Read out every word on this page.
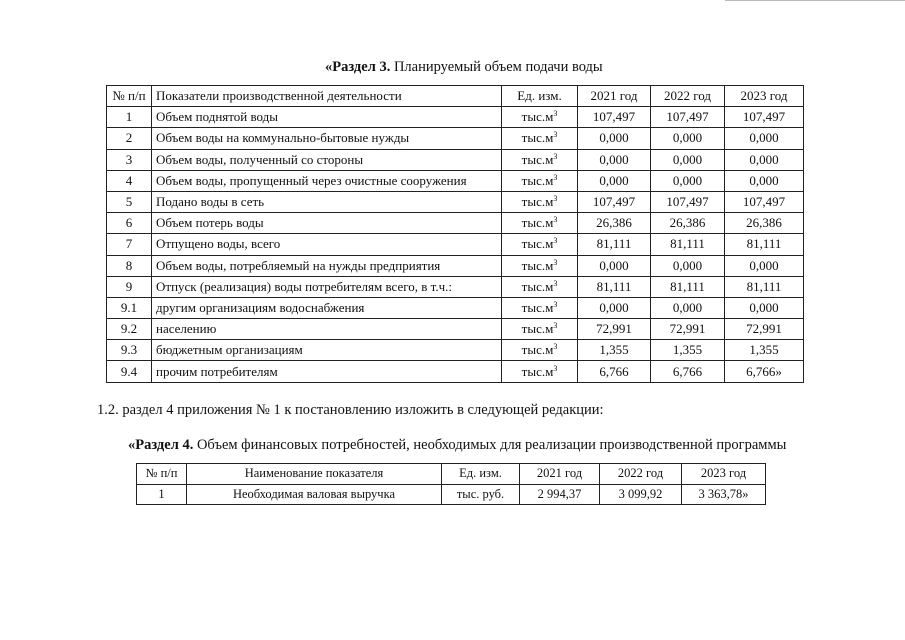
«Раздел 3. Планируемый объем подачи воды
№ п/п	Показатели производственной деятельности	Ед. изм.	2021 год	2022 год	2023 год
1	Объем поднятой воды	$тыс.м^3$	107,497	107,497	107,497
2	Объем воды на коммунально-бытовые нужды	$тыс.м^3$	0,000	0,000	0,000
3	Объем воды, полученный со стороны	$тыс.м^3$	0,000	0,000	0,000
4	Объем воды, пропущенный через очистные сооружения	$тыс.м^3$	0,000	0,000	0,000
5	Подано воды в сеть	$тыс.м^3$	107,497	107,497	107,497
6	Объем потерь воды	$тыс.м^3$	26,386	26,386	26,386
7	Отпущено воды, всего	$тыс.м^3$	81,111	81,111	81,111
8	Объем воды, потребляемый на нужды предприятия	$тыс.м^3$	0,000	0,000	0,000
9	Отпуск (реализация) воды потребителям всего, в т.ч.:	$тыс.м^3$	81,111	81,111	81,111
9.1	другим организациям водоснабжения	$тыс.м^3$	0,000	0,000	0,000
9.2	населению	$тыс.м^3$	72,991	72,991	72,991
9.3	бюджетным организациям	$тыс.м^3$	1,355	1,355	1,355
9.4	прочим потребителям	$тыс.м^3$	6,766	6,766	6,766»
1.2. раздел 4 приложения № 1 к постановлению изложить в следующей редакции:
«Раздел 4. Объем финансовых потребностей, необходимых для реализации производственной программы
№ п/п	Наименование показателя	Ед. изм.	2021 год	2022 год	2023 год
1	Необходимая валовая выручка	тыс. руб.	2 994,37	3 099,92	3 363,78»
